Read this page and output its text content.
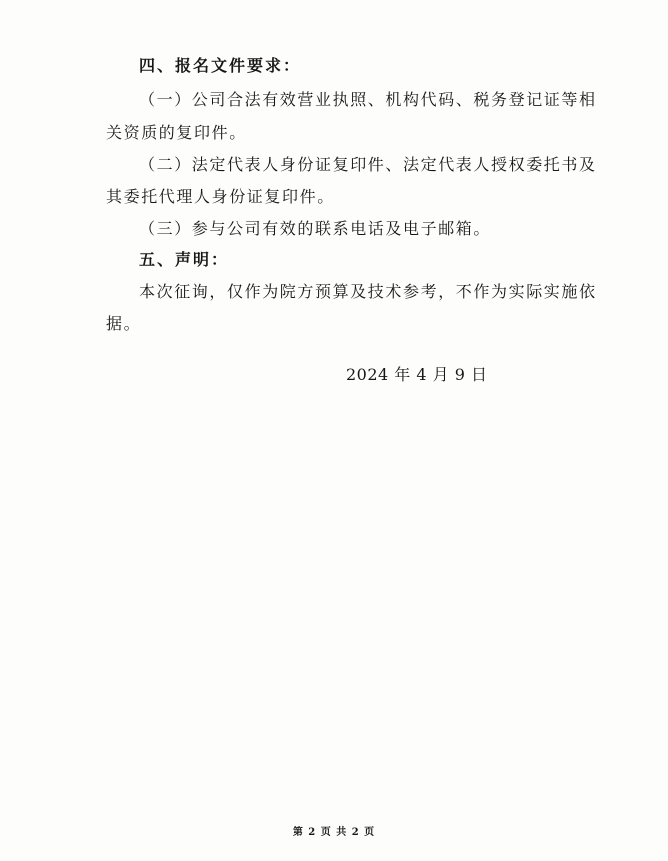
四、报名文件要求：
（一）公司合法有效营业执照、机构代码、税务登记证等相
关资质的复印件。
（二）法定代表人身份证复印件、法定代表人授权委托书及
其委托代理人身份证复印件。
（三）参与公司有效的联系电话及电子邮箱。
五、声明：
本次征询，仅作为院方预算及技术参考，不作为实际实施依
据。
2024 年 4 月 9 日
第 2 页 共 2 页
